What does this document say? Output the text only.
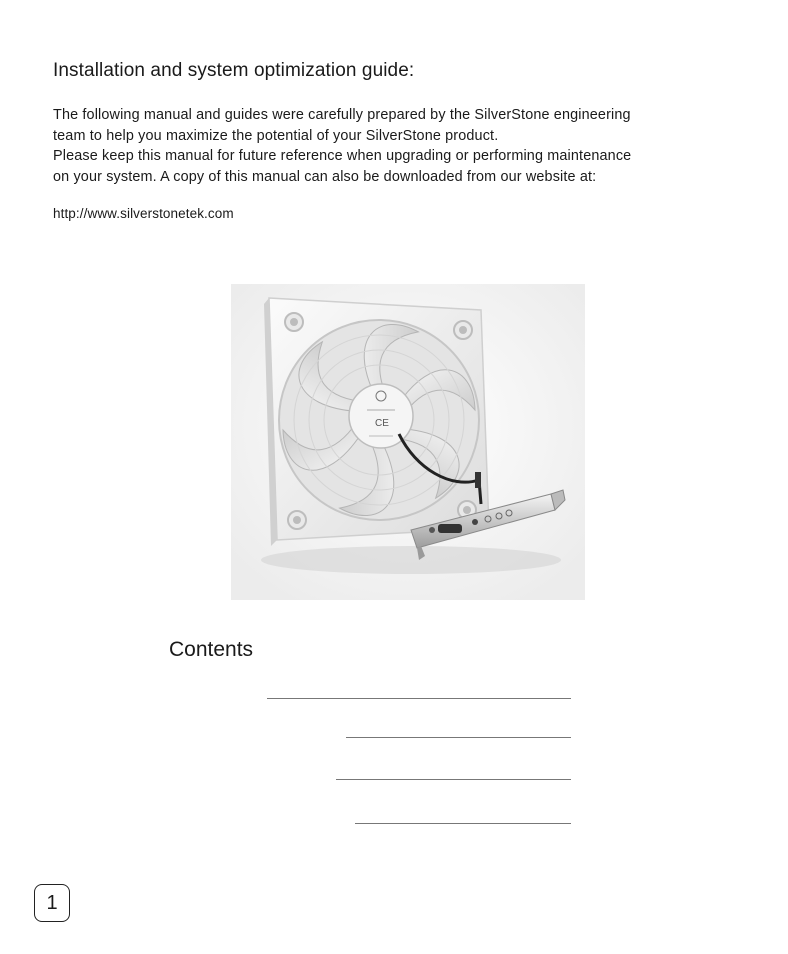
Installation and system optimization guide:

The following manual and guides were carefully prepared by the SilverStone engineering

team to help you maximize the potential of your SilverStone product.

Please keep this manual for future reference when upgrading or performing maintenance

on your system. A copy of this manual can also be downloaded from our website at:

http://www.silverstonetek.com
CE
Contents
1
